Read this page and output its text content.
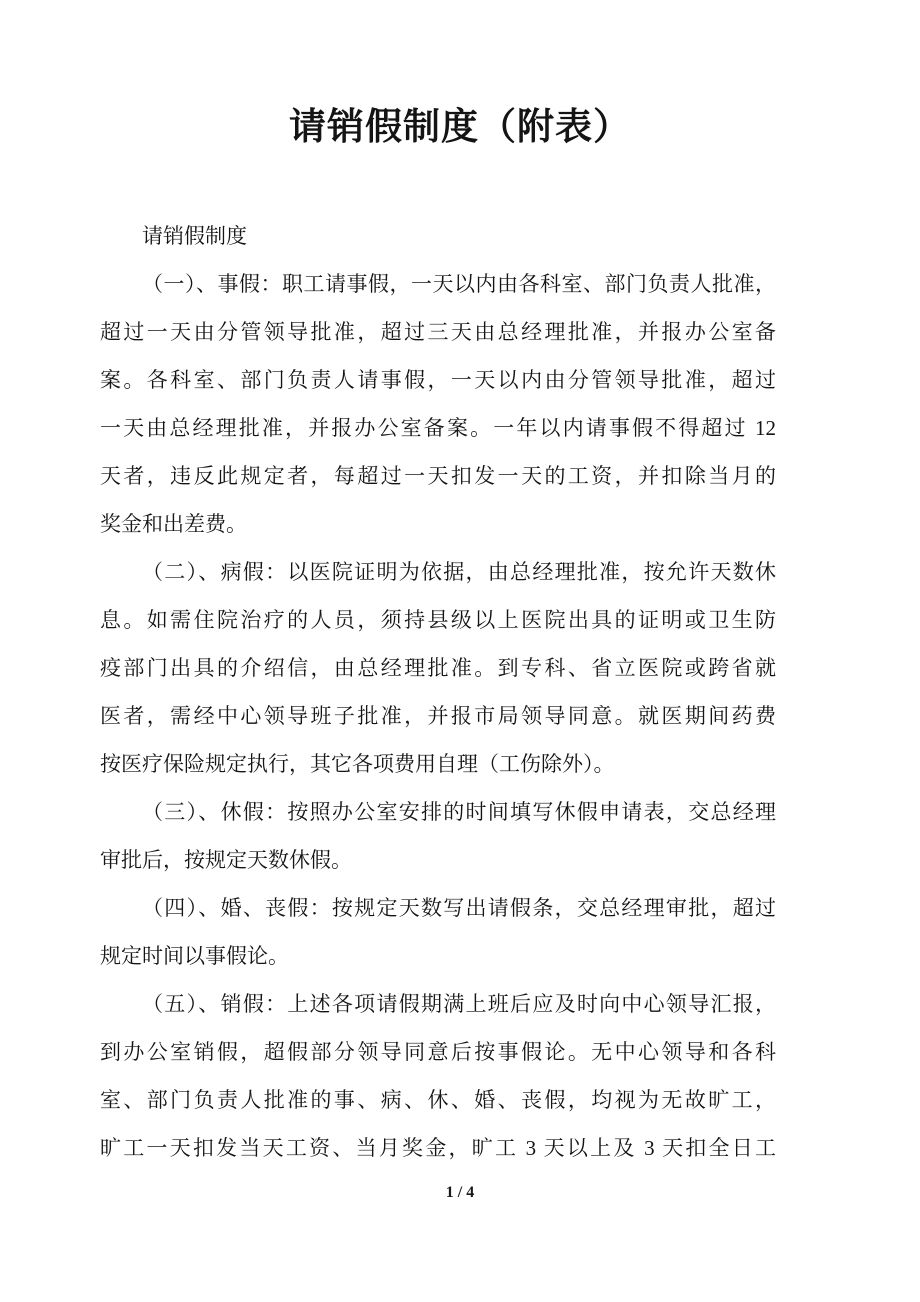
请销假制度（附表）
请销假制度
（一）、事假：职工请事假，一天以内由各科室、部门负责人批准，
超过一天由分管领导批准，超过三天由总经理批准，并报办公室备
案。各科室、部门负责人请事假，一天以内由分管领导批准，超过
一天由总经理批准，并报办公室备案。一年以内请事假不得超过 12
天者，违反此规定者，每超过一天扣发一天的工资，并扣除当月的
奖金和出差费。
（二）、病假：以医院证明为依据，由总经理批准，按允许天数休
息。如需住院治疗的人员，须持县级以上医院出具的证明或卫生防
疫部门出具的介绍信，由总经理批准。到专科、省立医院或跨省就
医者，需经中心领导班子批准，并报市局领导同意。就医期间药费
按医疗保险规定执行，其它各项费用自理（工伤除外）。
（三）、休假：按照办公室安排的时间填写休假申请表，交总经理
审批后，按规定天数休假。
（四）、婚、丧假：按规定天数写出请假条，交总经理审批，超过
规定时间以事假论。
（五）、销假：上述各项请假期满上班后应及时向中心领导汇报，
到办公室销假，超假部分领导同意后按事假论。无中心领导和各科
室、部门负责人批准的事、病、休、婚、丧假，均视为无故旷工，
旷工一天扣发当天工资、当月奖金，旷工 3 天以上及 3 天扣全日工
1 / 4
